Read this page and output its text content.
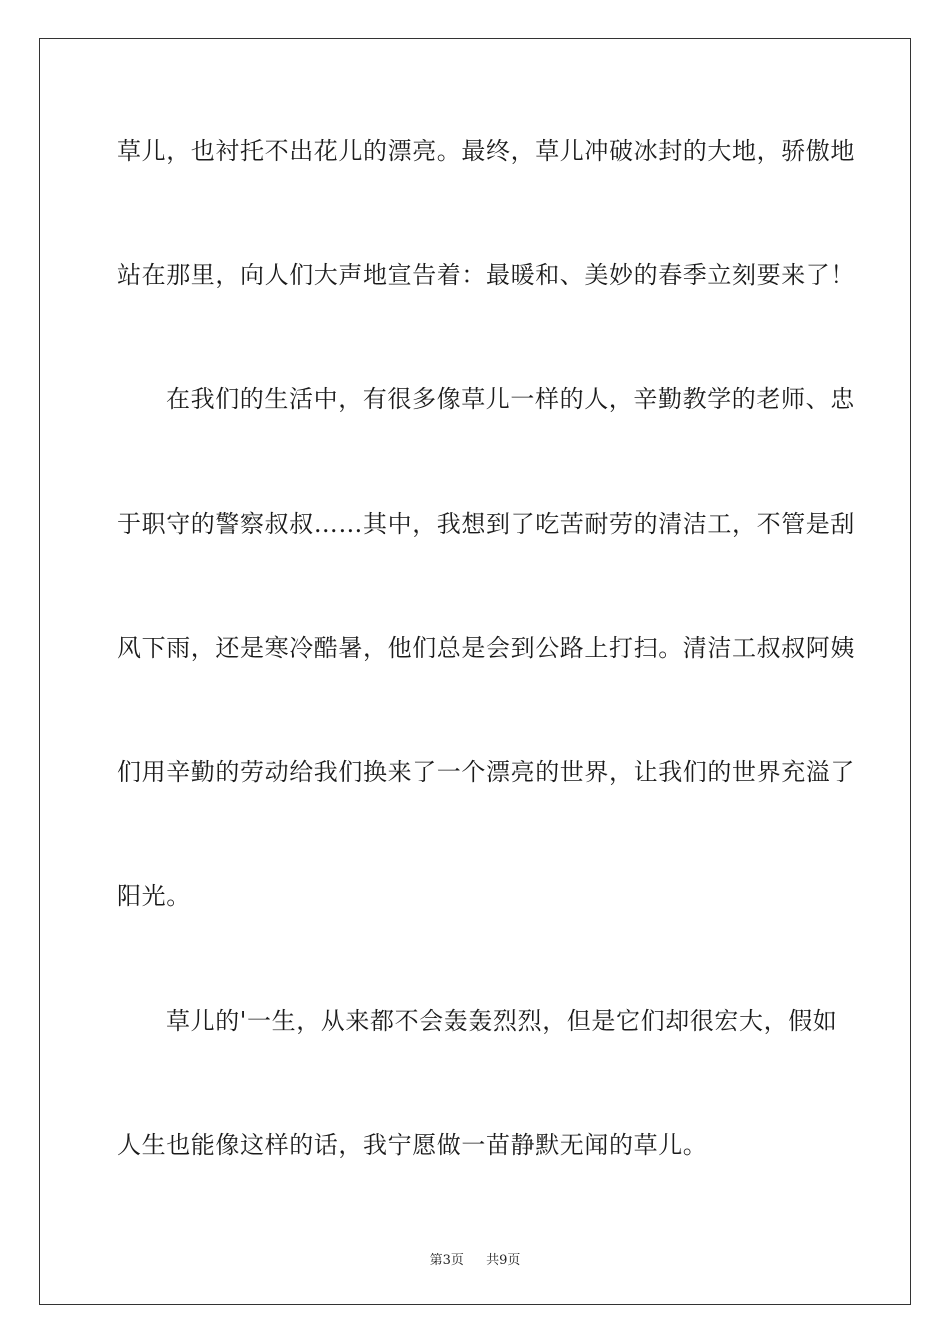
草儿，也衬托不出花儿的漂亮。最终，草儿冲破冰封的大地，骄傲地
站在那里，向人们大声地宣告着：最暖和、美妙的春季立刻要来了！
在我们的生活中，有很多像草儿一样的人，辛勤教学的老师、忠
于职守的警察叔叔……其中，我想到了吃苦耐劳的清洁工，不管是刮
风下雨，还是寒冷酷暑，他们总是会到公路上打扫。清洁工叔叔阿姨
们用辛勤的劳动给我们换来了一个漂亮的世界，让我们的世界充溢了
阳光。
草儿的'一生，从来都不会轰轰烈烈，但是它们却很宏大，假如
人生也能像这样的话，我宁愿做一苗静默无闻的草儿。
第3页 共9页
